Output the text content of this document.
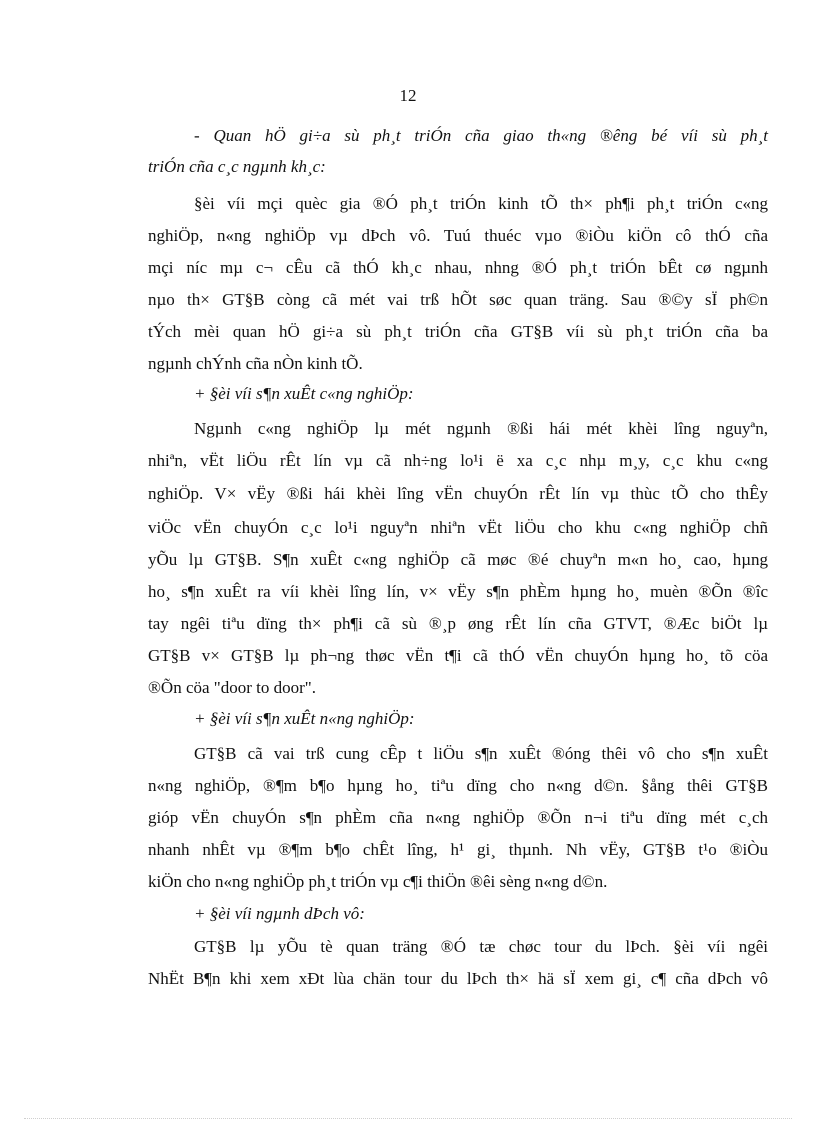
12
- Quan hÖ gi÷a sù ph¸t triÓn cña giao th«ng ®êng bé víi sù ph¸t
triÓn cña c¸c ngµnh kh¸c:
§èi víi mçi quèc gia ®Ó ph¸t triÓn kinh tÕ th× ph¶i ph¸t triÓn c«ng
nghiÖp, n«ng nghiÖp vµ dÞch vô. Tuú thuéc vµo ®iÒu kiÖn cô thÓ cña
mçi níc mµ c¬ cÊu cã thÓ kh¸c nhau, nhng ®Ó ph¸t triÓn bÊt cø ngµnh
nµo th× GT§B còng cã mét vai trß hÕt søc quan träng. Sau ®©y sÏ ph©n
tÝch mèi quan hÖ gi÷a sù ph¸t triÓn cña GT§B víi sù ph¸t triÓn cña ba
ngµnh chÝnh cña nÒn kinh tÕ.
+ §èi víi s¶n xuÊt c«ng nghiÖp:
Ngµnh c«ng nghiÖp lµ mét ngµnh ®ßi hái mét khèi lîng nguyªn,
nhiªn, vËt liÖu rÊt lín vµ cã nh÷ng lo¹i ë xa c¸c nhµ m¸y, c¸c khu c«ng
nghiÖp. V× vËy ®ßi hái khèi lîng vËn chuyÓn rÊt lín vµ thùc tÕ cho thÊy
viÖc vËn chuyÓn c¸c lo¹i nguyªn nhiªn vËt liÖu cho khu c«ng nghiÖp chñ
yÕu lµ GT§B. S¶n xuÊt c«ng nghiÖp cã møc ®é chuyªn m«n ho¸ cao, hµng
ho¸ s¶n xuÊt ra víi khèi lîng lín, v× vËy s¶n phÈm hµng ho¸ muèn ®Õn ®îc
tay ngêi tiªu dïng th× ph¶i cã sù ®¸p øng rÊt lín cña GTVT, ®Æc biÖt lµ
GT§B v× GT§B lµ ph¬ng thøc vËn t¶i cã thÓ vËn chuyÓn hµng ho¸ tõ cöa
®Õn cöa "door to door".
+ §èi víi s¶n xuÊt n«ng nghiÖp:
GT§B cã vai trß cung cÊp t liÖu s¶n xuÊt ®óng thêi vô cho s¶n xuÊt
n«ng nghiÖp, ®¶m b¶o hµng ho¸ tiªu dïng cho n«ng d©n. §ång thêi GT§B
gióp vËn chuyÓn s¶n phÈm cña n«ng nghiÖp ®Õn n¬i tiªu dïng mét c¸ch
nhanh nhÊt vµ ®¶m b¶o chÊt lîng, h¹ gi¸ thµnh. Nh vËy, GT§B t¹o ®iÒu
kiÖn cho n«ng nghiÖp ph¸t triÓn vµ c¶i thiÖn ®êi sèng n«ng d©n.
+ §èi víi ngµnh dÞch vô:
GT§B lµ yÕu tè quan träng ®Ó tæ chøc tour du lÞch. §èi víi ngêi
NhËt B¶n khi xem xÐt lùa chän tour du lÞch th× hä sÏ xem gi¸ c¶ cña dÞch vô
